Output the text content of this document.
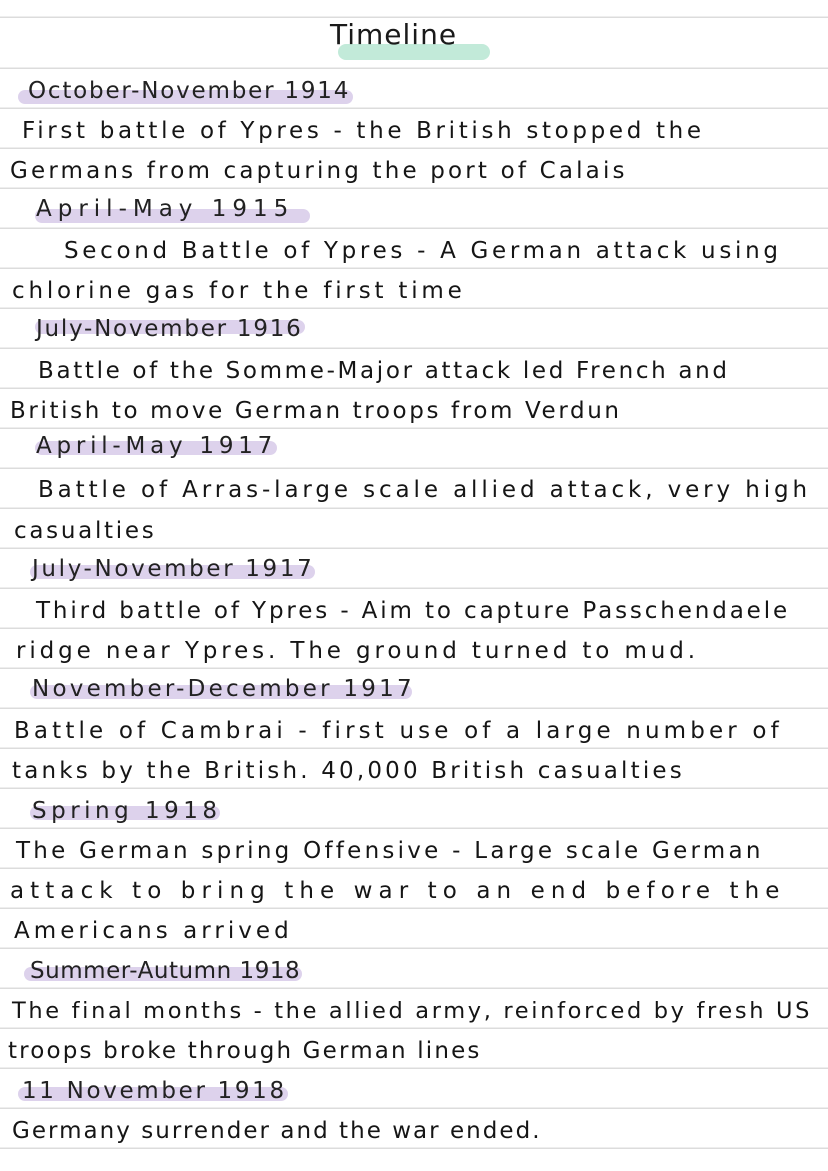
Timeline
October-November 1914
First battle of Ypres - the British stopped the
Germans from capturing the port of Calais
April-May 1915
Second Battle of Ypres - A German attack using
chlorine gas for the first time
July-November 1916
Battle of the Somme-Major attack led French and
British to move German troops from Verdun
April-May 1917
Battle of Arras-large scale allied attack, very high
casualties
July-November 1917
Third battle of Ypres - Aim to capture Passchendaele
ridge near Ypres. The ground turned to mud.
November-December 1917
Battle of Cambrai - first use of a large number of
tanks by the British. 40,000 British casualties
Spring 1918
The German spring Offensive - Large scale German
attack to bring the war to an end before the
Americans arrived
Summer-Autumn 1918
The final months - the allied army, reinforced by fresh US
troops broke through German lines
11 November 1918
Germany surrender and the war ended.
